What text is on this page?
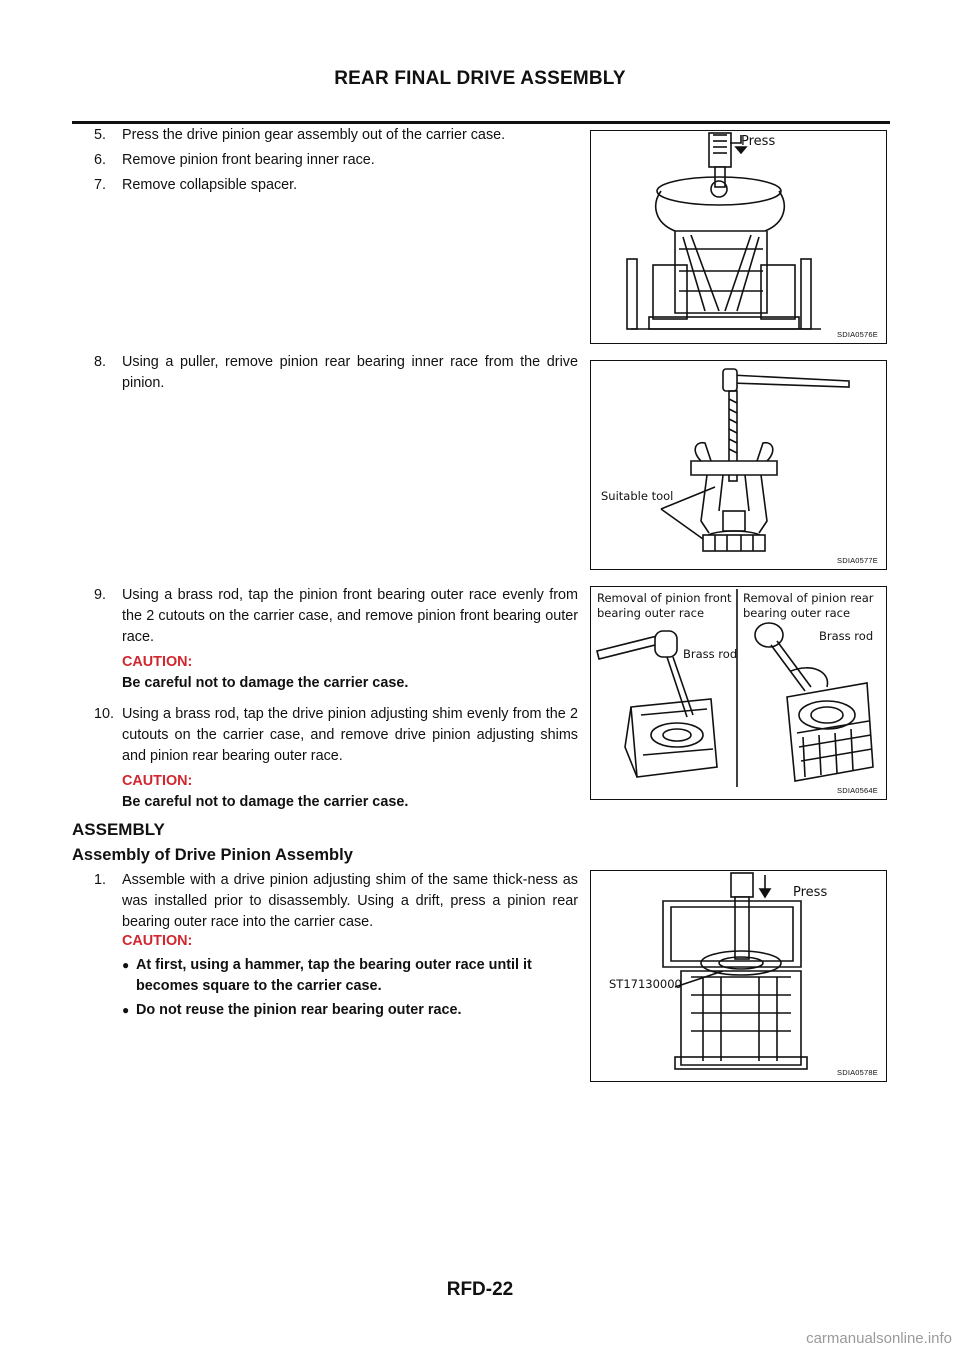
REAR FINAL DRIVE ASSEMBLY
5.	Press the drive pinion gear assembly out of the carrier case.
6.	Remove pinion front bearing inner race.
7.	Remove collapsible spacer.
8.	Using a puller, remove pinion rear bearing inner race from the drive pinion.
9.	Using a brass rod, tap the pinion front bearing outer race evenly from the 2 cutouts on the carrier case, and remove pinion front bearing outer race.
CAUTION:
Be careful not to damage the carrier case.
10. Using a brass rod, tap the drive pinion adjusting shim evenly from the 2 cutouts on the carrier case, and remove drive pinion adjusting shims and pinion rear bearing outer race.
CAUTION:
Be careful not to damage the carrier case.
ASSEMBLY
Assembly of Drive Pinion Assembly
1.	Assemble with a drive pinion adjusting shim of the same thick-ness as was installed prior to disassembly. Using a drift, press a pinion rear bearing outer race into the carrier case.
CAUTION:
● At first, using a hammer, tap the bearing outer race until it becomes square to the carrier case.
● Do not reuse the pinion rear bearing outer race.
Press
SDIA0576E
Suitable tool
SDIA0577E
Removal of pinion front bearing outer race
Removal of pinion rear bearing outer race
Brass rod
Brass rod
SDIA0564E
Press
ST17130000
SDIA0578E
RFD-22
carmanualsonline.info
